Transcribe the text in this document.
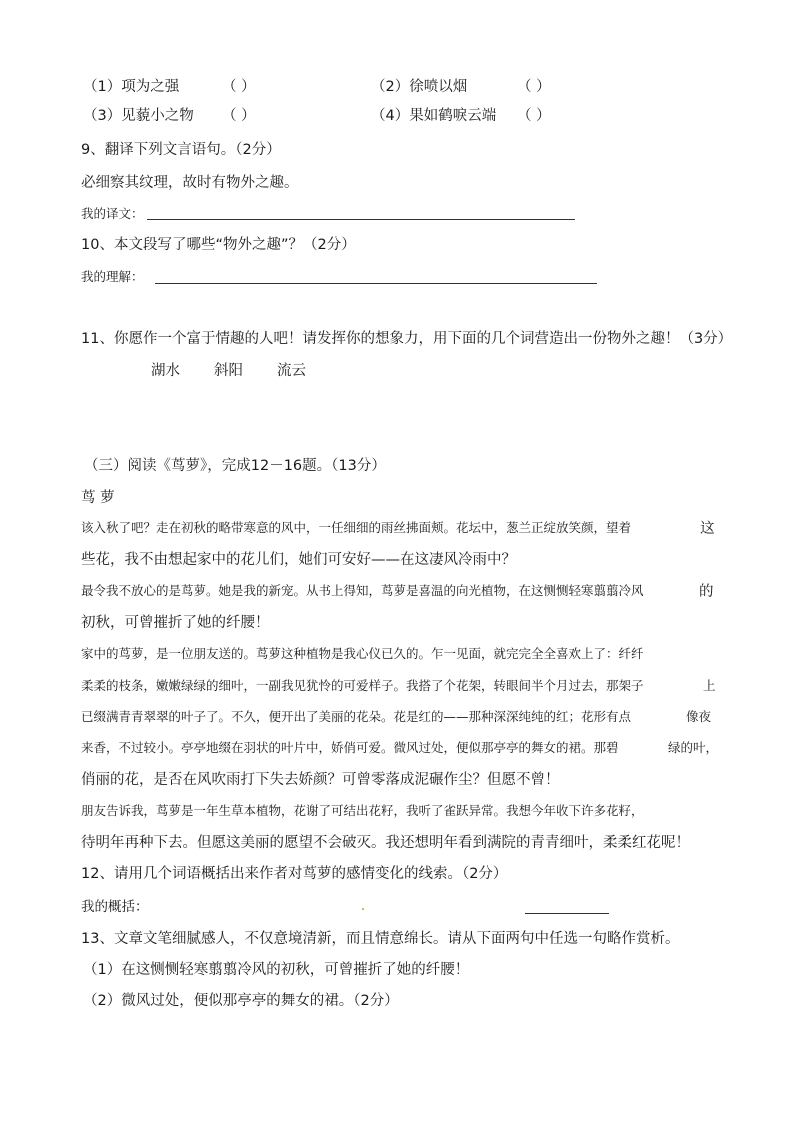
（1）项为之强	（ ）	（2）徐喷以烟	（ ）
（3）见藐小之物 （ ）	（4）果如鹤唳云端 （ ）
9、翻译下列文言语句。（2分）
必细察其纹理，故时有物外之趣。
我的译文：
10、本文段写了哪些“物外之趣”？（2分）
我的理解：
11、你愿作一个富于情趣的人吧！请发挥你的想象力，用下面的几个词营造出一份物外之趣！（3分）
湖水 斜阳 流云
（三）阅读《茑萝》，完成12－16题。（13分）
茑 萝
该入秋了吧？走在初秋的略带寒意的风中，一任细细的雨丝拂面颊。花坛中，葱兰正绽放笑颜，望着	这
些花，我不由想起家中的花儿们，她们可安好——在这凄风冷雨中？
最令我不放心的是茑萝。她是我的新宠。从书上得知，茑萝是喜温的向光植物，在这恻恻轻寒翦翦冷风	的
初秋，可曾摧折了她的纤腰！
家中的茑萝，是一位朋友送的。茑萝这种植物是我心仪已久的。乍一见面，就完完全全喜欢上了：纤纤
柔柔的枝条，嫩嫩绿绿的细叶，一副我见犹怜的可爱样子。我搭了个花架，转眼间半个月过去，那架子	上
已缀满青青翠翠的叶子了。不久，便开出了美丽的花朵。花是红的——那种深深纯纯的红；花形有点	像夜
来香，不过较小。亭亭地缀在羽状的叶片中，娇俏可爱。微风过处，便似那亭亭的舞女的裙。那碧	绿的叶，
俏丽的花，是否在风吹雨打下失去娇颜？可曾零落成泥碾作尘？但愿不曾！
朋友告诉我，茑萝是一年生草本植物，花谢了可结出花籽，我听了雀跃异常。我想今年收下许多花籽，
待明年再种下去。但愿这美丽的愿望不会破灭。我还想明年看到满院的青青细叶，柔柔红花呢！
12、请用几个词语概括出来作者对茑萝的感情变化的线索。（2分）
我的概括：
13、文章文笔细腻感人，不仅意境清新，而且情意绵长。请从下面两句中任选一句略作赏析。
（1）在这恻恻轻寒翦翦冷风的初秋，可曾摧折了她的纤腰！
（2）微风过处，便似那亭亭的舞女的裙。（2分）
